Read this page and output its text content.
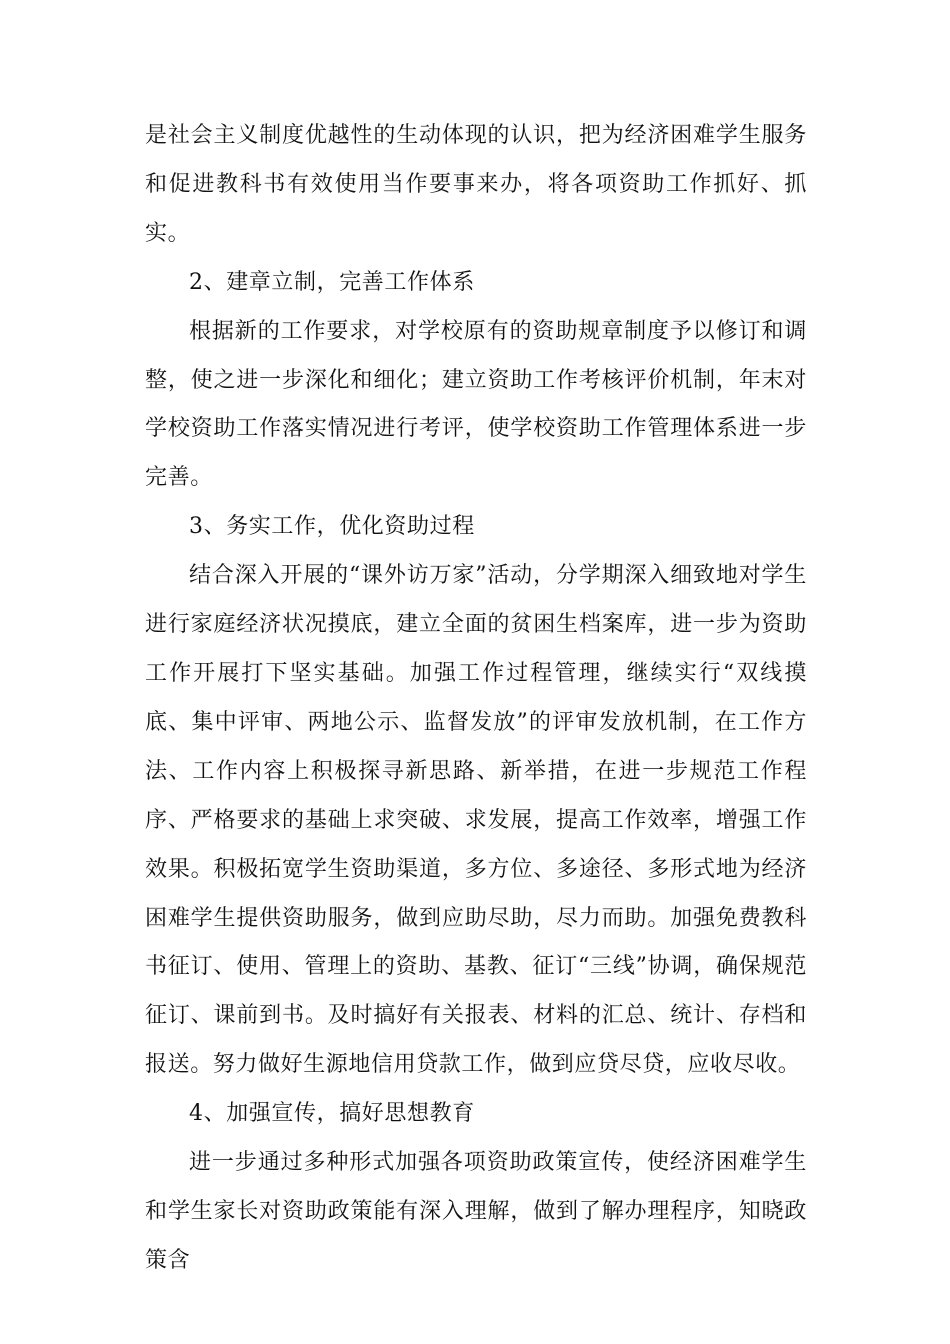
是社会主义制度优越性的生动体现的认识，把为经济困难学生服务和促进教科书有效使用当作要事来办，将各项资助工作抓好、抓实。

2、建章立制，完善工作体系

根据新的工作要求，对学校原有的资助规章制度予以修订和调整，使之进一步深化和细化；建立资助工作考核评价机制，年末对学校资助工作落实情况进行考评，使学校资助工作管理体系进一步完善。

3、务实工作，优化资助过程

结合深入开展的“课外访万家”活动，分学期深入细致地对学生进行家庭经济状况摸底，建立全面的贫困生档案库，进一步为资助工作开展打下坚实基础。加强工作过程管理，继续实行“双线摸底、集中评审、两地公示、监督发放”的评审发放机制，在工作方法、工作内容上积极探寻新思路、新举措，在进一步规范工作程序、严格要求的基础上求突破、求发展，提高工作效率，增强工作效果。积极拓宽学生资助渠道，多方位、多途径、多形式地为经济困难学生提供资助服务，做到应助尽助，尽力而助。加强免费教科书征订、使用、管理上的资助、基教、征订“三线”协调，确保规范征订、课前到书。及时搞好有关报表、材料的汇总、统计、存档和报送。努力做好生源地信用贷款工作，做到应贷尽贷，应收尽收。

4、加强宣传，搞好思想教育

进一步通过多种形式加强各项资助政策宣传，使经济困难学生和学生家长对资助政策能有深入理解，做到了解办理程序，知晓政策含
